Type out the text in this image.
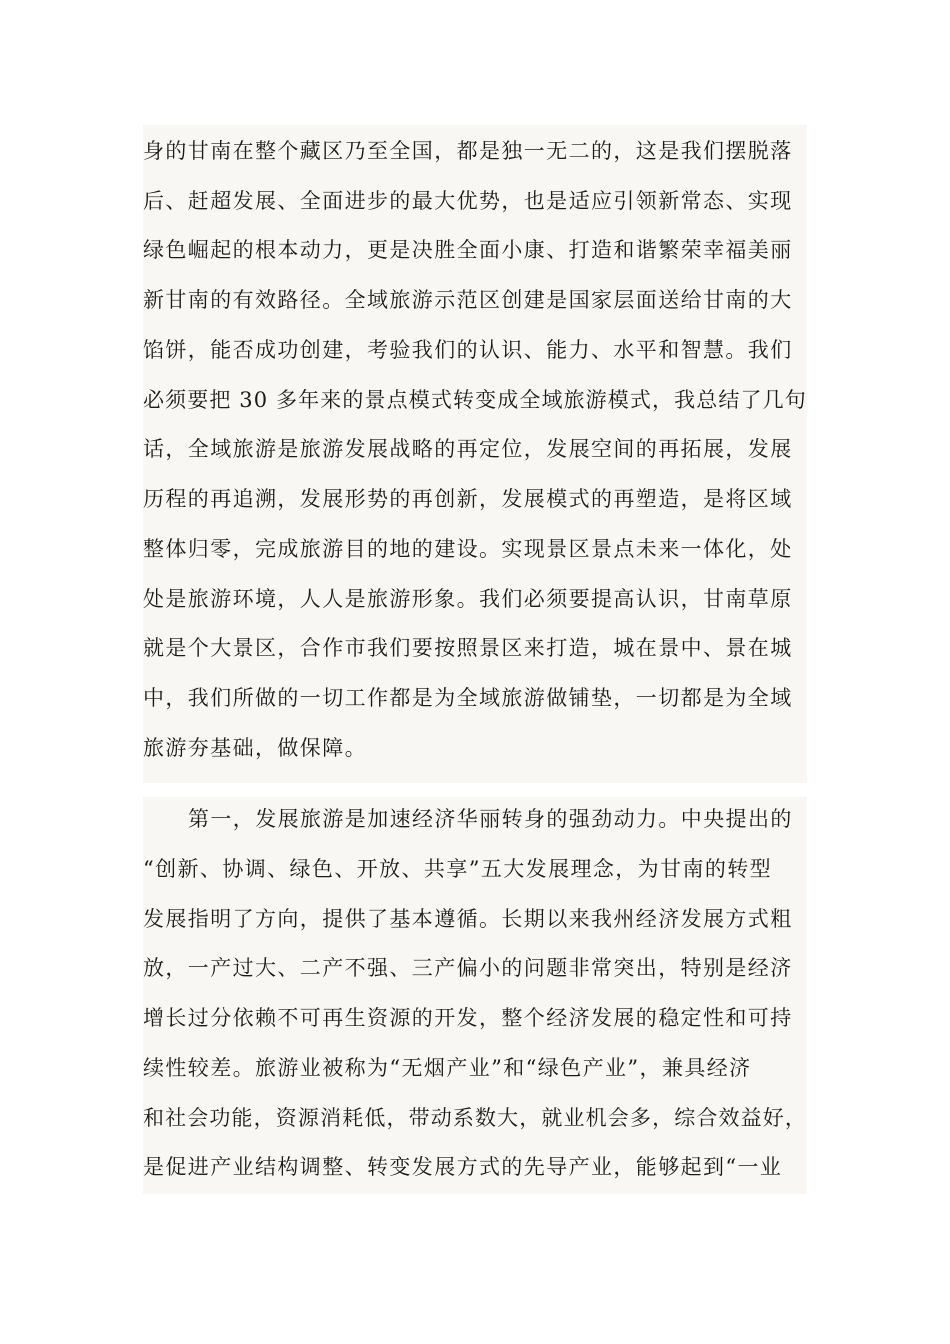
身的甘南在整个藏区乃至全国，都是独一无二的，这是我们摆脱落
后、赶超发展、全面进步的最大优势，也是适应引领新常态、实现
绿色崛起的根本动力，更是决胜全面小康、打造和谐繁荣幸福美丽
新甘南的有效路径。全域旅游示范区创建是国家层面送给甘南的大
馅饼，能否成功创建，考验我们的认识、能力、水平和智慧。我们
必须要把 30 多年来的景点模式转变成全域旅游模式，我总结了几句
话，全域旅游是旅游发展战略的再定位，发展空间的再拓展，发展
历程的再追溯，发展形势的再创新，发展模式的再塑造，是将区域
整体归零，完成旅游目的地的建设。实现景区景点未来一体化，处
处是旅游环境，人人是旅游形象。我们必须要提高认识，甘南草原
就是个大景区，合作市我们要按照景区来打造，城在景中、景在城
中，我们所做的一切工作都是为全域旅游做铺垫，一切都是为全域
旅游夯基础，做保障。
第一，发展旅游是加速经济华丽转身的强劲动力。中央提出的
“创新、协调、绿色、开放、共享”五大发展理念，为甘南的转型
发展指明了方向，提供了基本遵循。长期以来我州经济发展方式粗
放，一产过大、二产不强、三产偏小的问题非常突出，特别是经济
增长过分依赖不可再生资源的开发，整个经济发展的稳定性和可持
续性较差。旅游业被称为“无烟产业”和“绿色产业”，兼具经济
和社会功能，资源消耗低，带动系数大，就业机会多，综合效益好，
是促进产业结构调整、转变发展方式的先导产业，能够起到“一业
